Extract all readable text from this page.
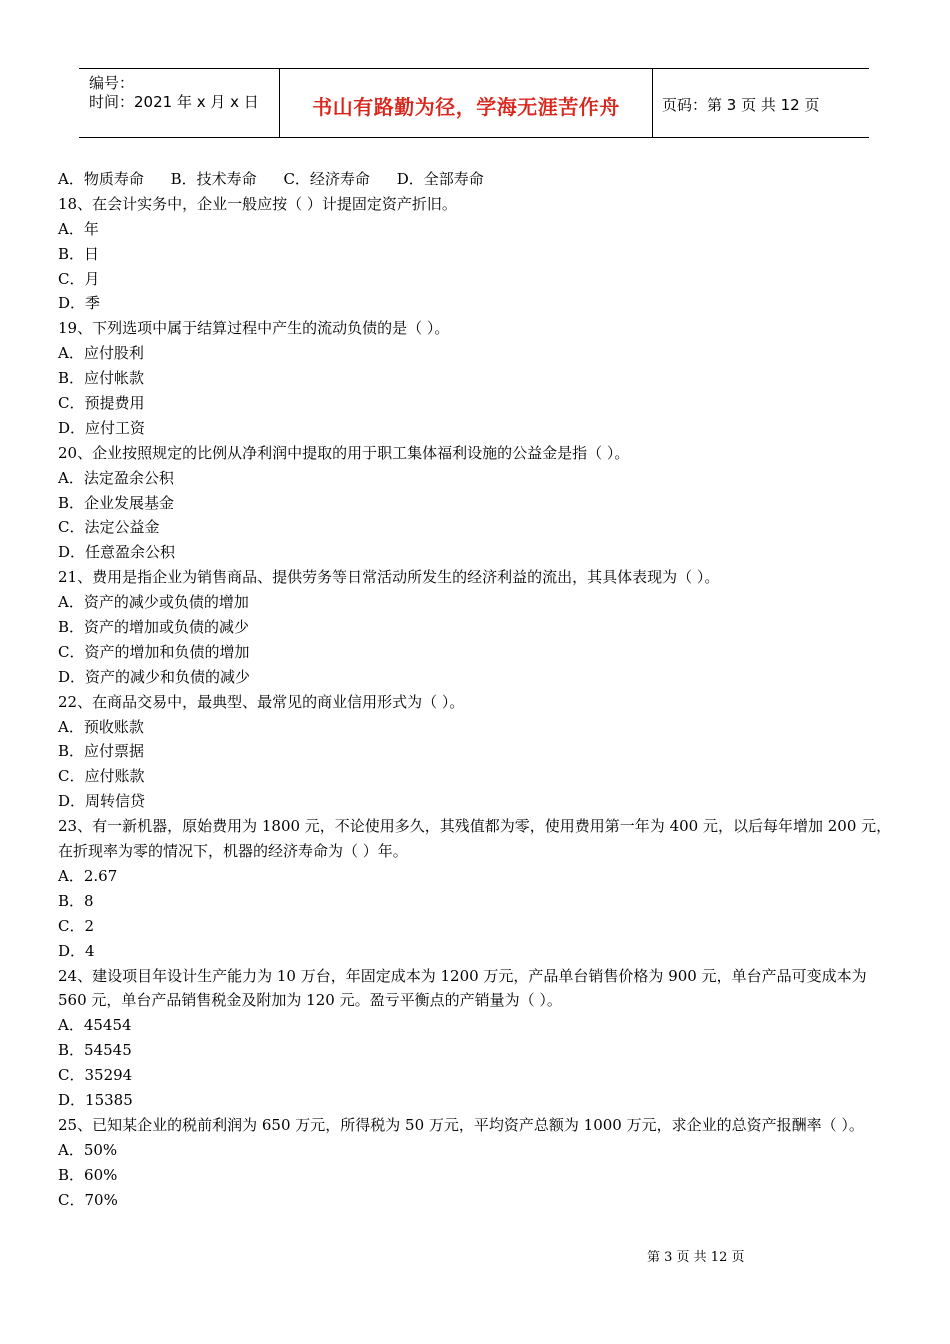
编号：
时间：2021 年 x 月 x 日	书山有路勤为径，学海无涯苦作舟	页码：第 3 页 共 12 页
A．物质寿命 B．技术寿命 C．经济寿命 D．全部寿命
18、在会计实务中，企业一般应按（ ）计提固定资产折旧。
A．年
B．日
C．月
D．季
19、下列选项中属于结算过程中产生的流动负债的是（ ）。
A．应付股利
B．应付帐款
C．预提费用
D．应付工资
20、企业按照规定的比例从净利润中提取的用于职工集体福利设施的公益金是指（ ）。
A．法定盈余公积
B．企业发展基金
C．法定公益金
D．任意盈余公积
21、费用是指企业为销售商品、提供劳务等日常活动所发生的经济利益的流出，其具体表现为（ ）。
A．资产的减少或负债的增加
B．资产的增加或负债的减少
C．资产的增加和负债的增加
D．资产的减少和负债的减少
22、在商品交易中，最典型、最常见的商业信用形式为（ ）。
A．预收账款
B．应付票据
C．应付账款
D．周转信贷
23、有一新机器，原始费用为 1800 元，不论使用多久，其残值都为零，使用费用第一年为 400 元，以后每年增加 200 元，在折现率为零的情况下，机器的经济寿命为（ ）年。
A．2.67
B．8
C．2
D．4
24、建设项目年设计生产能力为 10 万台，年固定成本为 1200 万元，产品单台销售价格为 900 元，单台产品可变成本为 560 元，单台产品销售税金及附加为 120 元。盈亏平衡点的产销量为（ ）。
A．45454
B．54545
C．35294
D．15385
25、已知某企业的税前利润为 650 万元，所得税为 50 万元，平均资产总额为 1000 万元，求企业的总资产报酬率（ ）。
A．50%
B．60%
C．70%
第 3 页 共 12 页
